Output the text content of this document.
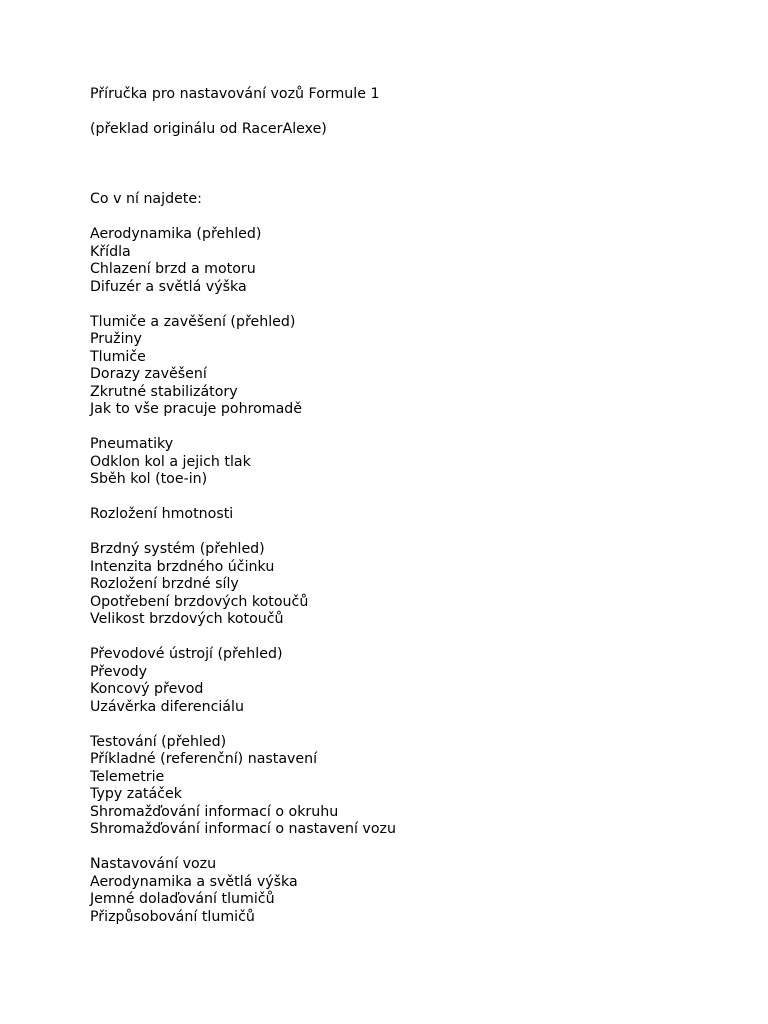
Příručka pro nastavování vozů Formule 1
(překlad originálu od RacerAlexe)
Co v ní najdete:
Aerodynamika (přehled)
Křídla
Chlazení brzd a motoru
Difuzér a světlá výška
Tlumiče a zavěšení (přehled)
Pružiny
Tlumiče
Dorazy zavěšení
Zkrutné stabilizátory
Jak to vše pracuje pohromadě
Pneumatiky
Odklon kol a jejich tlak
Sběh kol (toe-in)
Rozložení hmotnosti
Brzdný systém (přehled)
Intenzita brzdného účinku
Rozložení brzdné síly
Opotřebení brzdových kotoučů
Velikost brzdových kotoučů
Převodové ústrojí (přehled)
Převody
Koncový převod
Uzávěrka diferenciálu
Testování (přehled)
Příkladné (referenční) nastavení
Telemetrie
Typy zatáček
Shromažďování informací o okruhu
Shromažďování informací o nastavení vozu
Nastavování vozu
Aerodynamika a světlá výška
Jemné dolaďování tlumičů
Přizpůsobování tlumičů
